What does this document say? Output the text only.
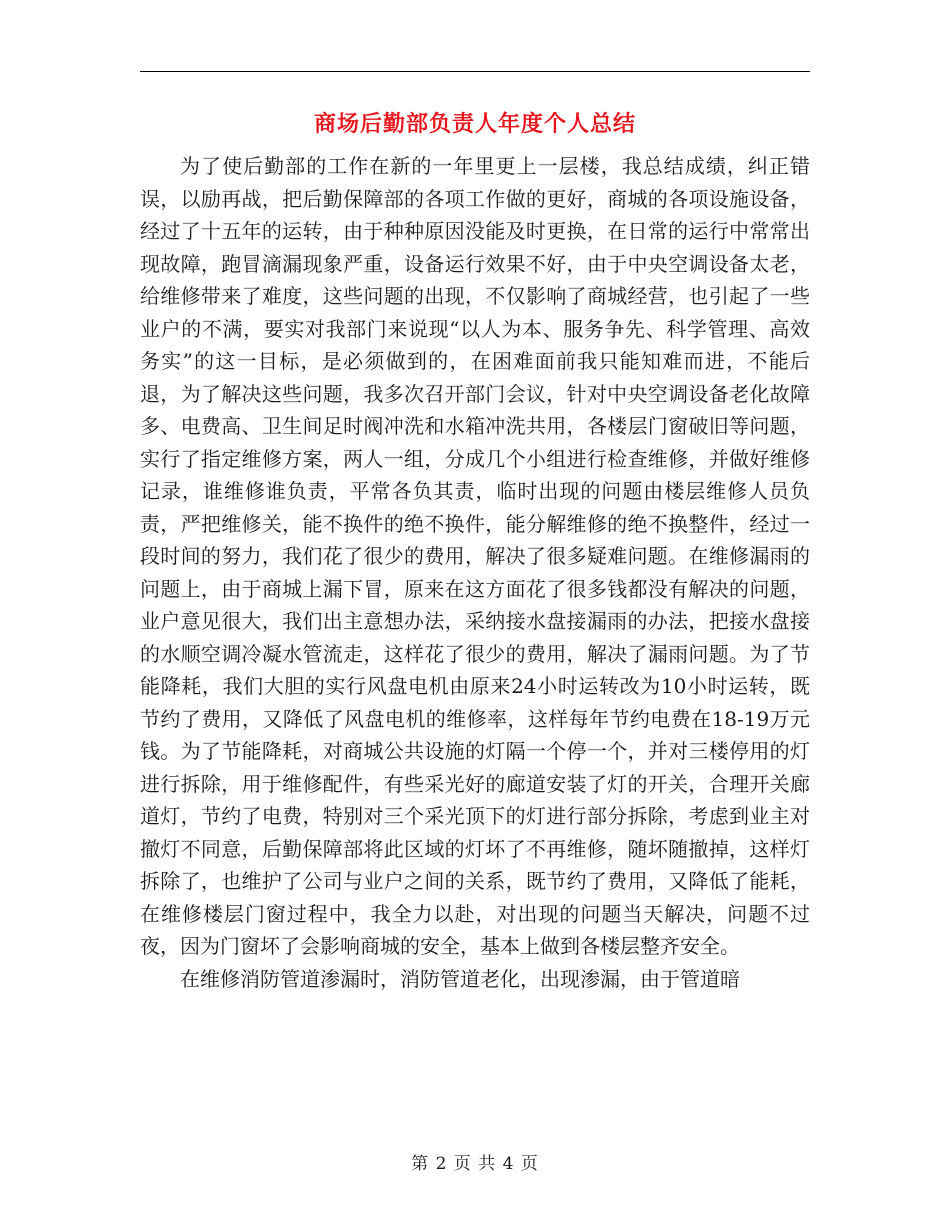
商场后勤部负责人年度个人总结

为了使后勤部的工作在新的一年里更上一层楼，我总结成绩，纠正错误，以励再战，把后勤保障部的各项工作做的更好，商城的各项设施设备，经过了十五年的运转，由于种种原因没能及时更换，在日常的运行中常常出现故障，跑冒滴漏现象严重，设备运行效果不好，由于中央空调设备太老，给维修带来了难度，这些问题的出现，不仅影响了商城经营，也引起了一些业户的不满，要实对我部门来说现“以人为本、服务争先、科学管理、高效务实”的这一目标，是必须做到的，在困难面前我只能知难而进，不能后退，为了解决这些问题，我多次召开部门会议，针对中央空调设备老化故障多、电费高、卫生间足时阀冲洗和水箱冲洗共用，各楼层门窗破旧等问题，实行了指定维修方案，两人一组，分成几个小组进行检查维修，并做好维修记录，谁维修谁负责，平常各负其责，临时出现的问题由楼层维修人员负责，严把维修关，能不换件的绝不换件，能分解维修的绝不换整件，经过一段时间的努力，我们花了很少的费用，解决了很多疑难问题。在维修漏雨的问题上，由于商城上漏下冒，原来在这方面花了很多钱都没有解决的问题，业户意见很大，我们出主意想办法，采纳接水盘接漏雨的办法，把接水盘接的水顺空调冷凝水管流走，这样花了很少的费用，解决了漏雨问题。为了节能降耗，我们大胆的实行风盘电机由原来24小时运转改为10小时运转，既节约了费用，又降低了风盘电机的维修率，这样每年节约电费在18-19万元钱。为了节能降耗，对商城公共设施的灯隔一个停一个，并对三楼停用的灯进行拆除，用于维修配件，有些采光好的廊道安装了灯的开关，合理开关廊道灯，节约了电费，特别对三个采光顶下的灯进行部分拆除，考虑到业主对撤灯不同意，后勤保障部将此区域的灯坏了不再维修，随坏随撤掉，这样灯拆除了，也维护了公司与业户之间的关系，既节约了费用，又降低了能耗，在维修楼层门窗过程中，我全力以赴，对出现的问题当天解决，问题不过夜，因为门窗坏了会影响商城的安全，基本上做到各楼层整齐安全。

在维修消防管道渗漏时，消防管道老化，出现渗漏，由于管道暗

第 2 页 共 4 页
